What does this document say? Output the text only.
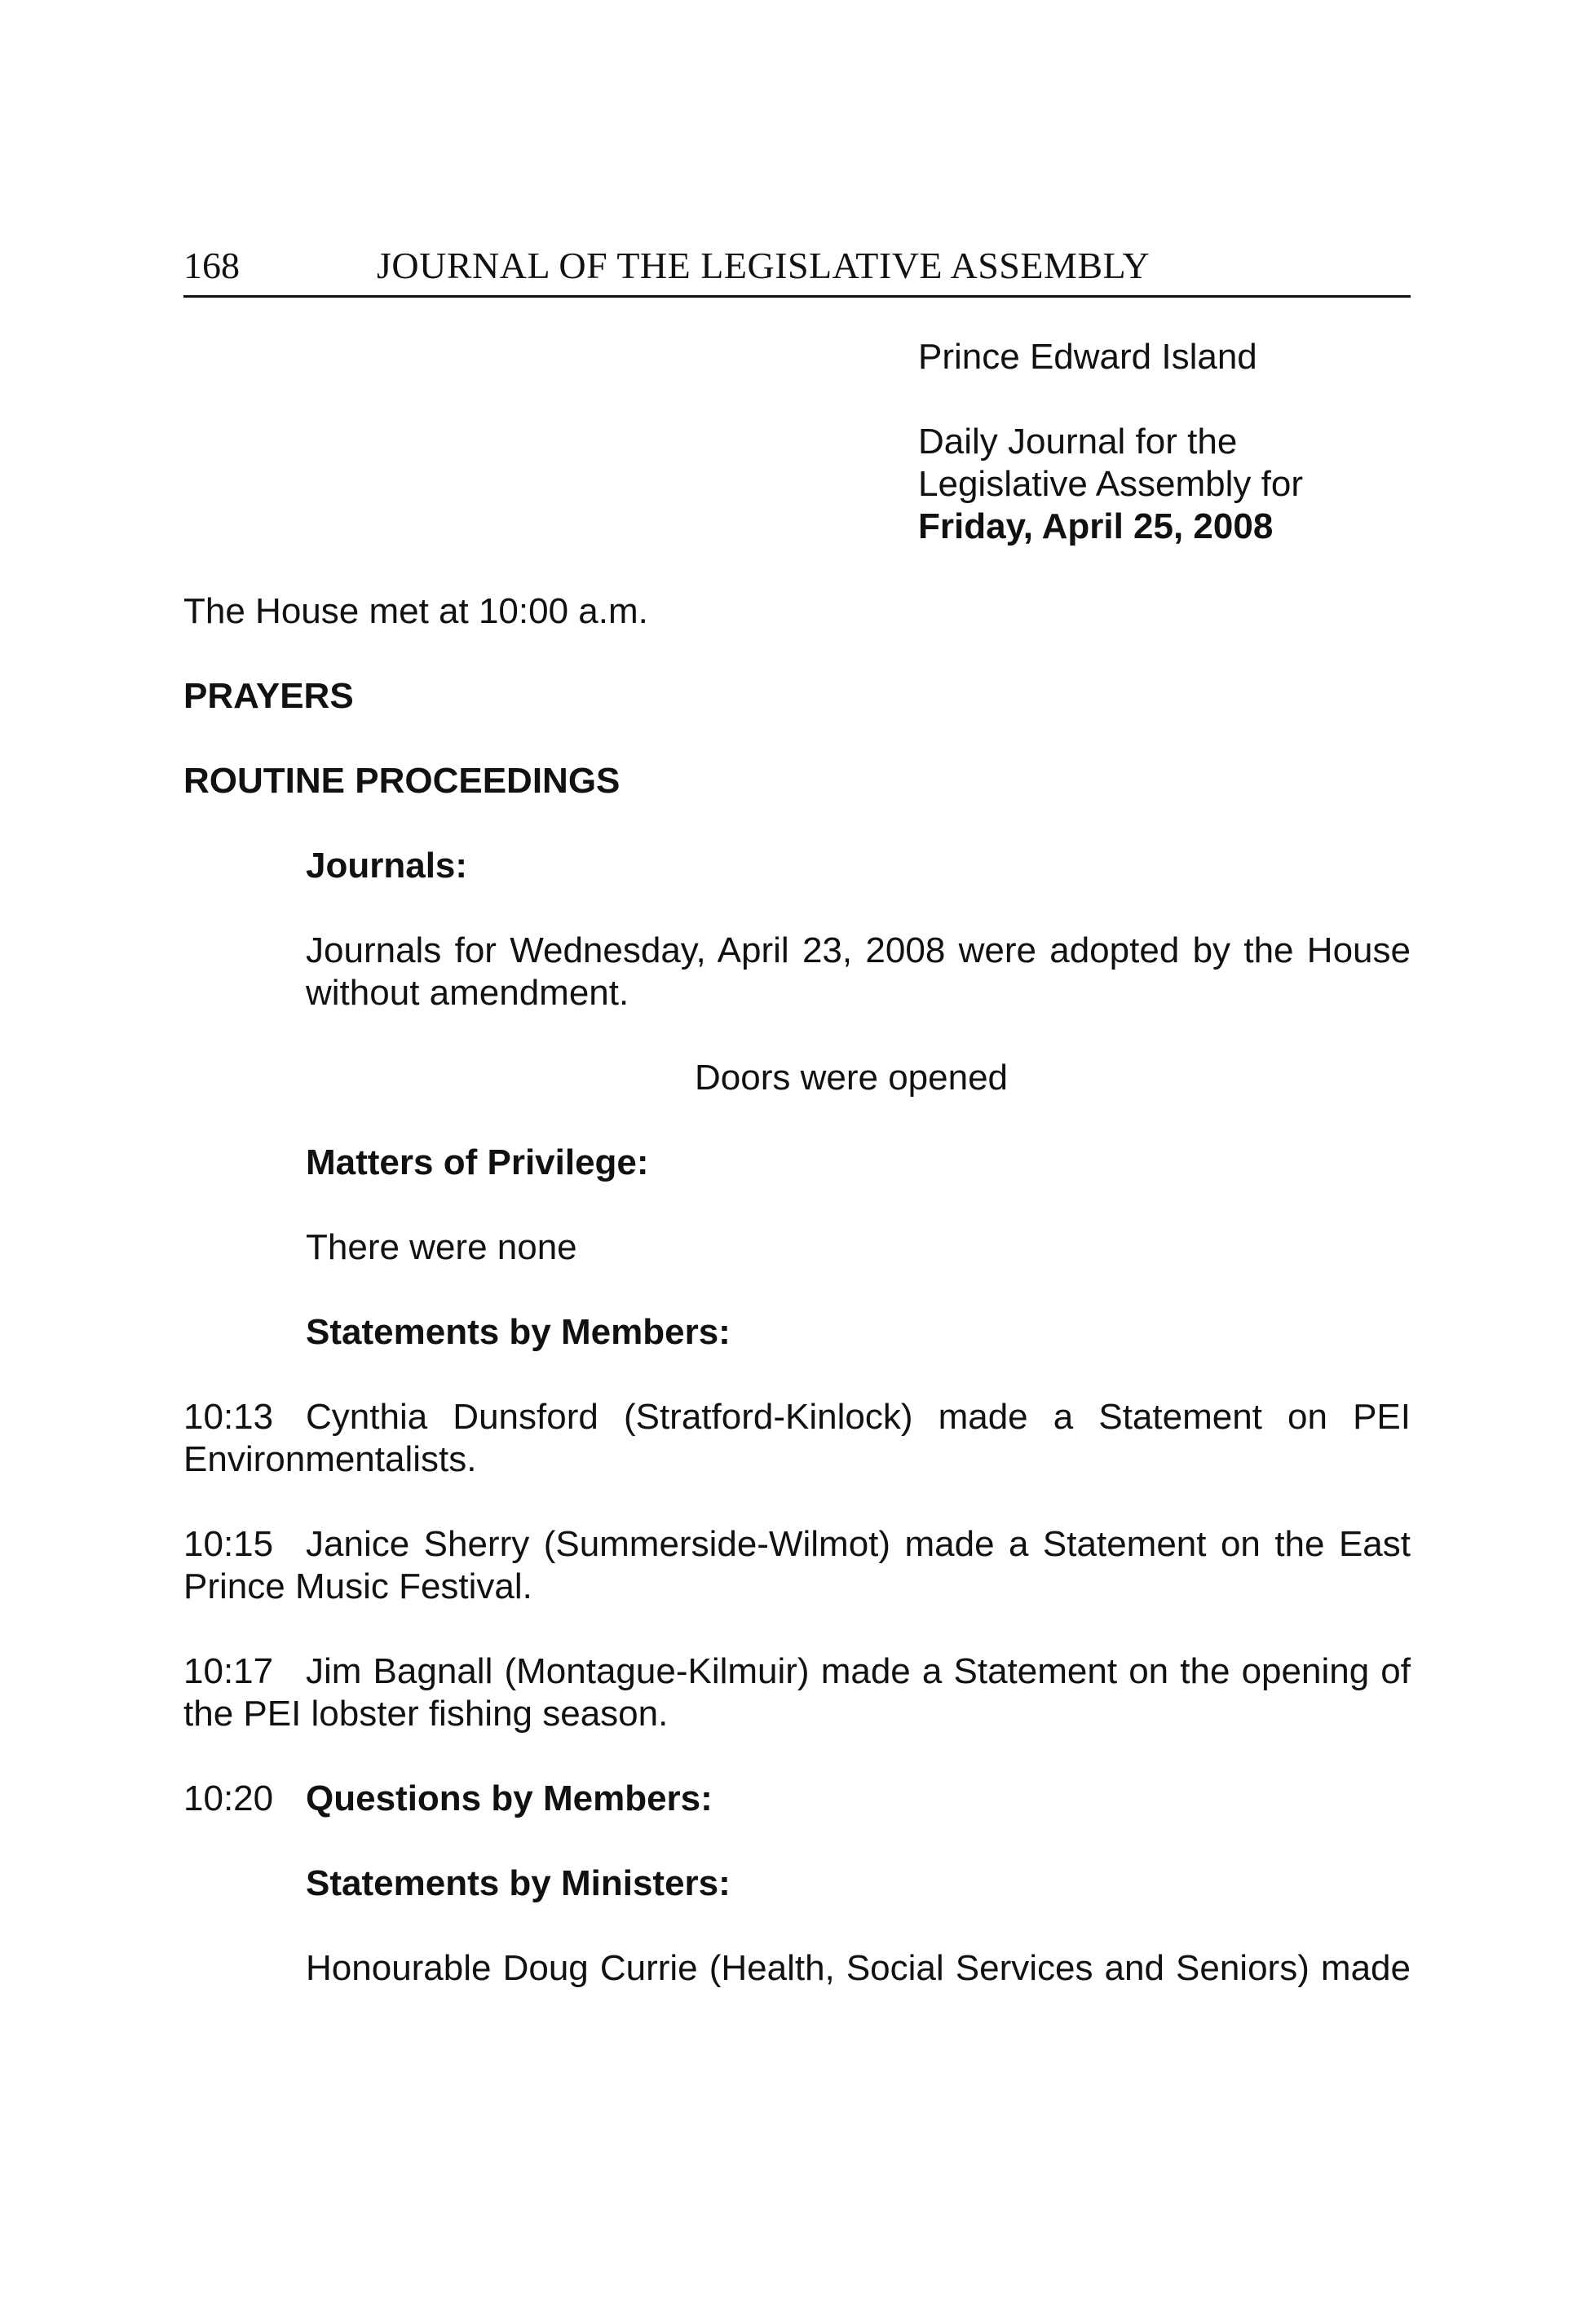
168	JOURNAL OF THE LEGISLATIVE ASSEMBLY
Prince Edward Island
Daily Journal for the
Legislative Assembly for
Friday, April 25, 2008
The House met at 10:00 a.m.
PRAYERS
ROUTINE PROCEEDINGS
Journals:
Journals for Wednesday, April 23, 2008 were adopted by the House without amendment.
Doors were opened
Matters of Privilege:
There were none
Statements by Members:
10:13 Cynthia Dunsford (Stratford-Kinlock) made a Statement on PEI Environmentalists.
10:15 Janice Sherry (Summerside-Wilmot) made a Statement on the East Prince Music Festival.
10:17 Jim Bagnall (Montague-Kilmuir) made a Statement on the opening of the PEI lobster fishing season.
10:20 Questions by Members:
Statements by Ministers:
Honourable Doug Currie (Health, Social Services and Seniors) made
